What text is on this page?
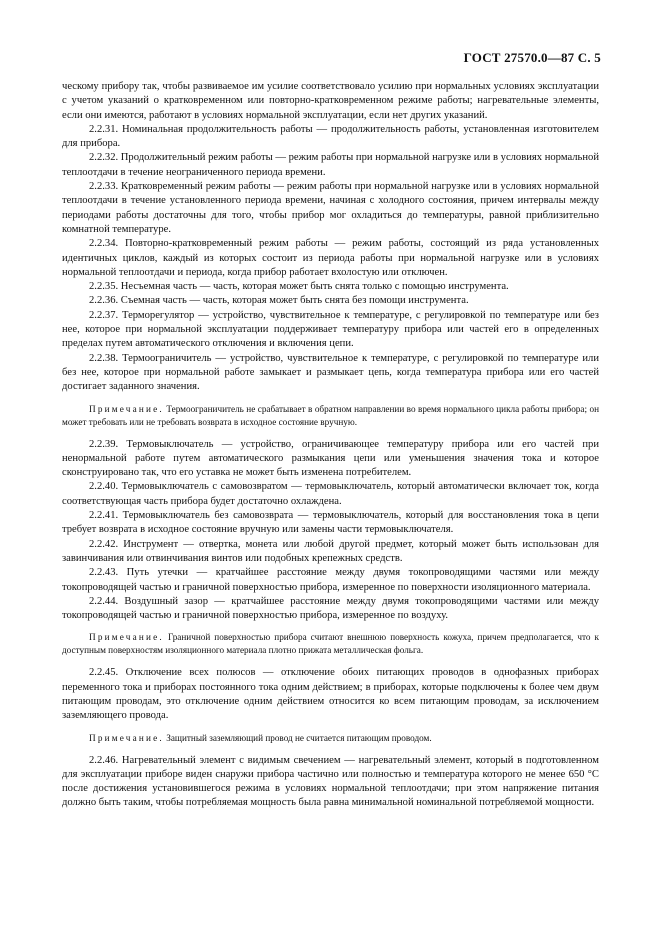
ГОСТ 27570.0—87 С. 5

ческому прибору так, чтобы развиваемое им усилие соответствовало усилию при нормальных условиях эксплуатации с учетом указаний о кратковременном или повторно-кратковременном режиме работы; нагревательные элементы, если они имеются, работают в условиях нормальной эксплуатации, если нет других указаний.

2.2.31. Номинальная продолжительность работы — продолжительность работы, установленная изготовителем для прибора.

2.2.32. Продолжительный режим работы — режим работы при нормальной нагрузке или в условиях нормальной теплоотдачи в течение неограниченного периода времени.

2.2.33. Кратковременный режим работы — режим работы при нормальной нагрузке или в условиях нормальной теплоотдачи в течение установленного периода времени, начиная с холодного состояния, причем интервалы между периодами работы достаточны для того, чтобы прибор мог охладиться до температуры, равной приблизительно комнатной температуре.

2.2.34. Повторно-кратковременный режим работы — режим работы, состоящий из ряда установленных идентичных циклов, каждый из которых состоит из периода работы при нормальной нагрузке или в условиях нормальной теплоотдачи и периода, когда прибор работает вхолостую или отключен.

2.2.35. Несъемная часть — часть, которая может быть снята только с помощью инструмента.

2.2.36. Съемная часть — часть, которая может быть снята без помощи инструмента.

2.2.37. Терморегулятор — устройство, чувствительное к температуре, с регулировкой по температуре или без нее, которое при нормальной эксплуатации поддерживает температуру прибора или частей его в определенных пределах путем автоматического отключения и включения цепи.

2.2.38. Термоограничитель — устройство, чувствительное к температуре, с регулировкой по температуре или без нее, которое при нормальной работе замыкает и размыкает цепь, когда температура прибора или его частей достигает заданного значения.

Примечание. Термоограничитель не срабатывает в обратном направлении во время нормального цикла работы прибора; он может требовать или не требовать возврата в исходное состояние вручную.

2.2.39. Термовыключатель — устройство, ограничивающее температуру прибора или его частей при ненормальной работе путем автоматического размыкания цепи или уменьшения значения тока и которое сконструировано так, что его уставка не может быть изменена потребителем.

2.2.40. Термовыключатель с самовозвратом — термовыключатель, который автоматически включает ток, когда соответствующая часть прибора будет достаточно охлаждена.

2.2.41. Термовыключатель без самовозврата — термовыключатель, который для восстановления тока в цепи требует возврата в исходное состояние вручную или замены части термовыключателя.

2.2.42. Инструмент — отвертка, монета или любой другой предмет, который может быть использован для завинчивания или отвинчивания винтов или подобных крепежных средств.

2.2.43. Путь утечки — кратчайшее расстояние между двумя токопроводящими частями или между токопроводящей частью и граничной поверхностью прибора, измеренное по поверхности изоляционного материала.

2.2.44. Воздушный зазор — кратчайшее расстояние между двумя токопроводящими частями или между токопроводящей частью и граничной поверхностью прибора, измеренное по воздуху.

Примечание. Граничной поверхностью прибора считают внешнюю поверхность кожуха, причем предполагается, что к доступным поверхностям изоляционного материала плотно прижата металлическая фольга.

2.2.45. Отключение всех полюсов — отключение обоих питающих проводов в однофазных приборах переменного тока и приборах постоянного тока одним действием; в приборах, которые подключены к более чем двум питающим проводам, это отключение одним действием относится ко всем питающим проводам, за исключением заземляющего провода.

Примечание. Защитный заземляющий провод не считается питающим проводом.

2.2.46. Нагревательный элемент с видимым свечением — нагревательный элемент, который в подготовленном для эксплуатации приборе виден снаружи прибора частично или полностью и температура которого не менее 650 °С после достижения установившегося режима в условиях нормальной теплоотдачи; при этом напряжение питания должно быть таким, чтобы потребляемая мощность была равна минимальной номинальной потребляемой мощности.
